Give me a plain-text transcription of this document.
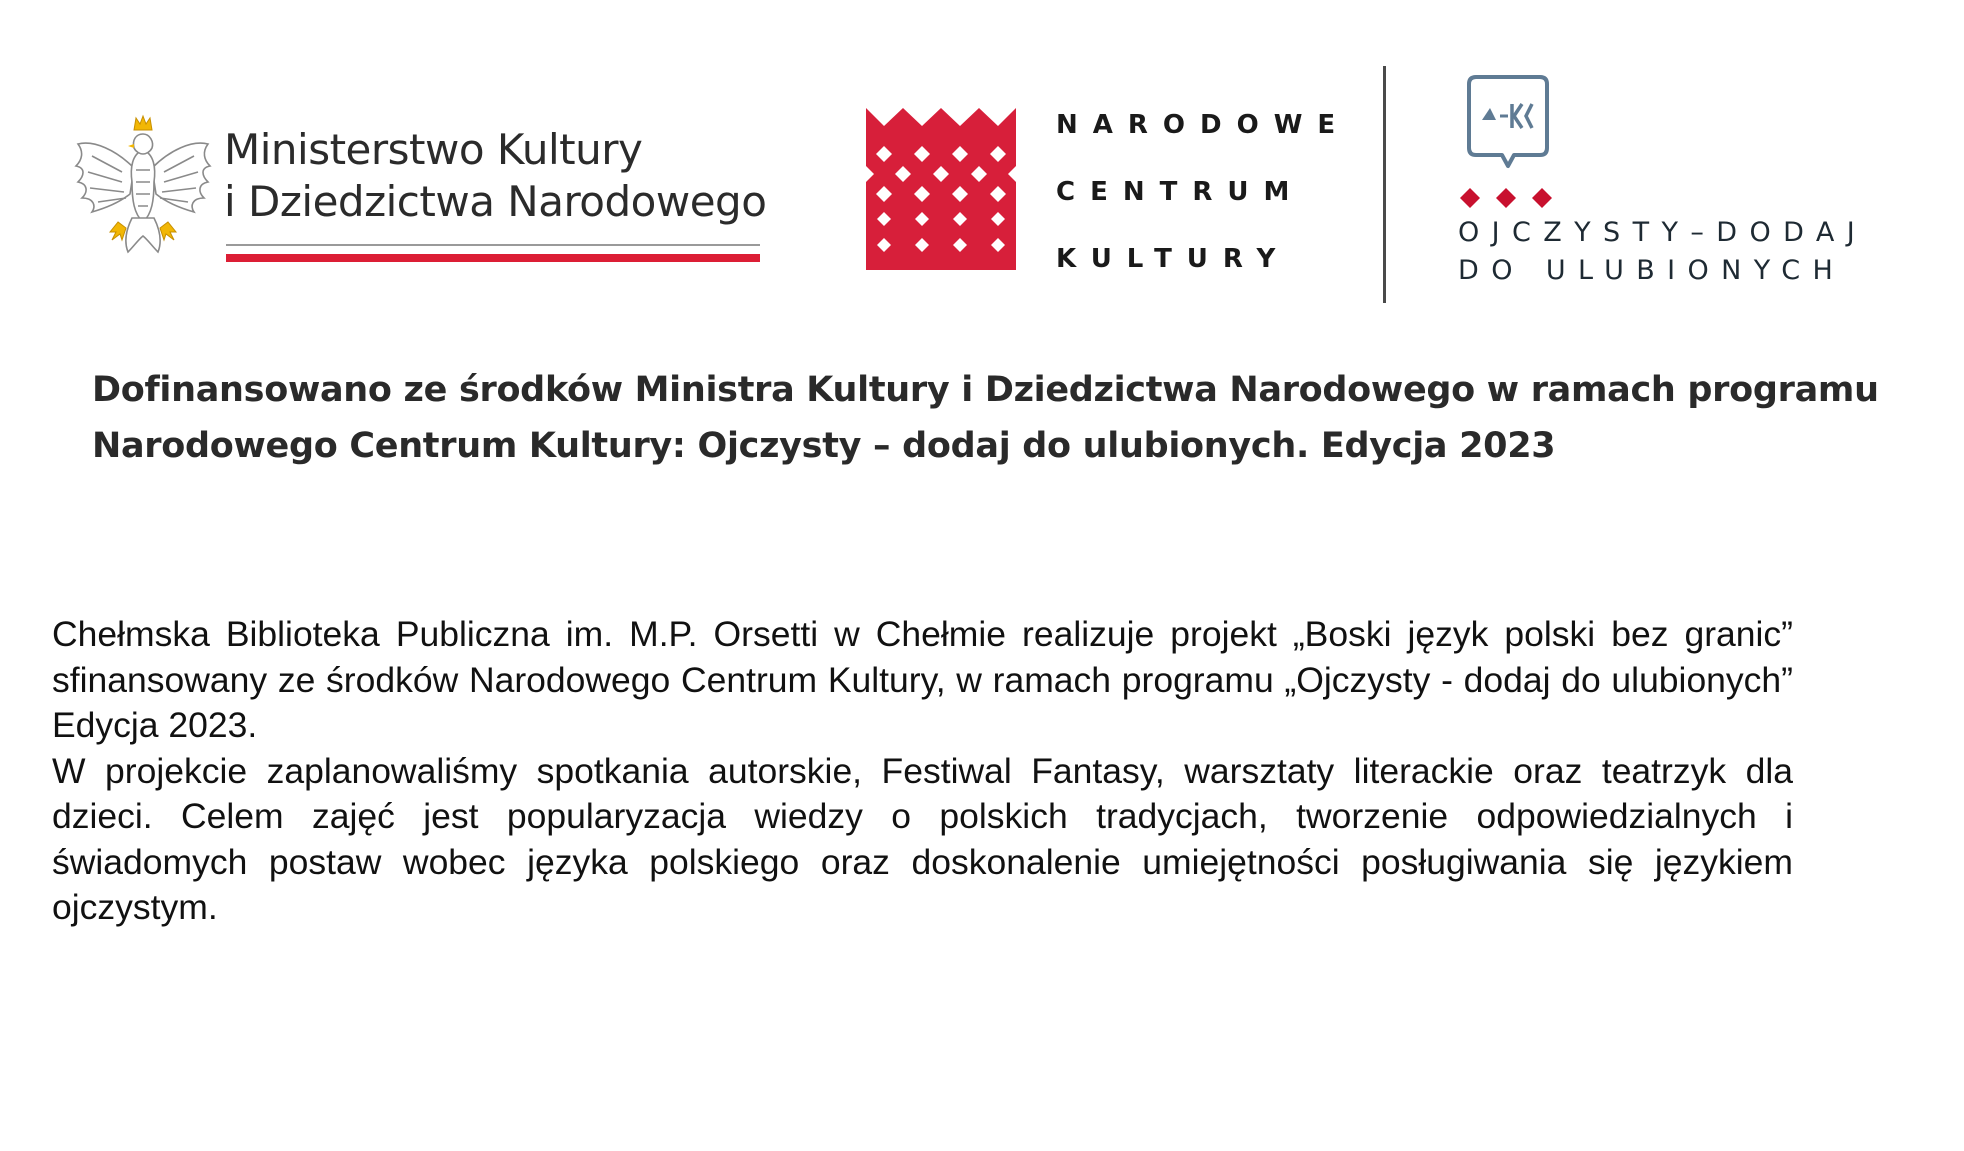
Ministerstwo Kultury
i Dziedzictwa Narodowego
NARODOWE
CENTRUM
KULTURY
OJCZYSTY–DODAJ
DO ULUBIONYCH
Dofinansowano ze środków Ministra Kultury i Dziedzictwa Narodowego w ramach programu
Narodowego Centrum Kultury: Ojczysty – dodaj do ulubionych. Edycja 2023

Chełmska Biblioteka Publiczna im. M.P. Orsetti w Chełmie realizuje projekt „Boski język polski bez granic” sfinansowany ze środków Narodowego Centrum Kultury, w ramach programu „Ojczysty - dodaj do ulubionych” Edycja 2023.

W projekcie zaplanowaliśmy spotkania autorskie, Festiwal Fantasy, warsztaty literackie oraz teatrzyk dla dzieci. Celem zajęć jest popularyzacja wiedzy o polskich tradycjach, tworzenie odpowiedzialnych i świadomych postaw wobec języka polskiego oraz doskonalenie umiejętności posługiwania się językiem ojczystym.
